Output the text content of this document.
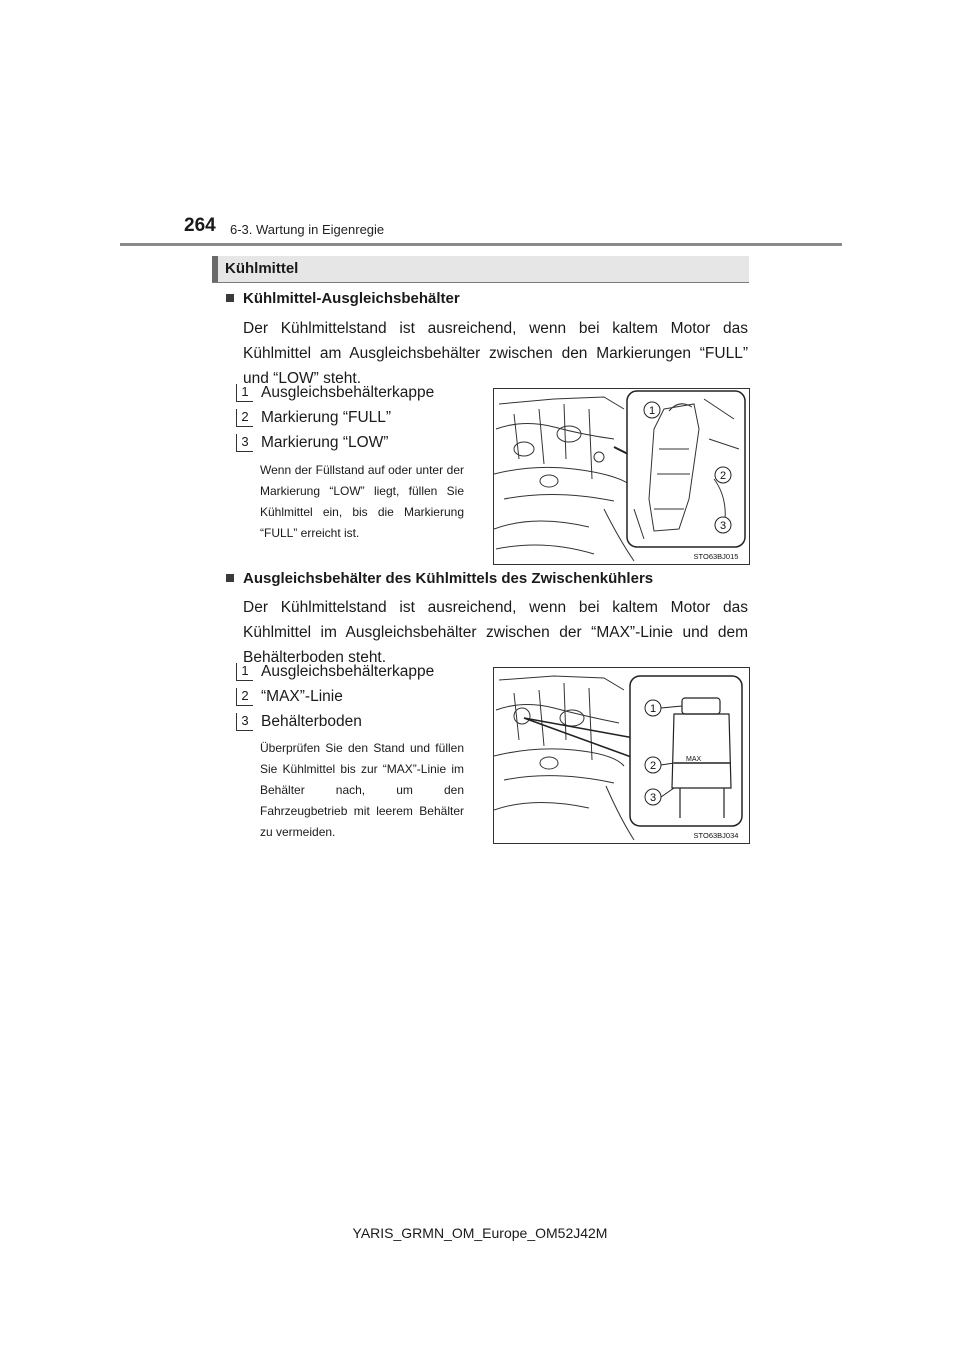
264 6-3. Wartung in Eigenregie
Kühlmittel
Kühlmittel-Ausgleichsbehälter
Der Kühlmittelstand ist ausreichend, wenn bei kaltem Motor das Kühlmittel am Ausgleichsbehälter zwischen den Markierungen “FULL” und “LOW” steht.
1 Ausgleichsbehälterkappe
2 Markierung “FULL”
3 Markierung “LOW”
Wenn der Füllstand auf oder unter der Markierung “LOW” liegt, füllen Sie Kühlmittel ein, bis die Markierung “FULL” erreicht ist.
1
2
3
STO63BJ015
Ausgleichsbehälter des Kühlmittels des Zwischenkühlers
Der Kühlmittelstand ist ausreichend, wenn bei kaltem Motor das Kühlmittel im Ausgleichsbehälter zwischen der “MAX”-Linie und dem Behälterboden steht.
1 Ausgleichsbehälterkappe
2 “MAX”-Linie
3 Behälterboden
Überprüfen Sie den Stand und füllen Sie Kühlmittel bis zur “MAX”-Linie im Behälter nach, um den Fahrzeugbetrieb mit leerem Behälter zu vermeiden.
1
2
3
MAX
STO63BJ034
YARIS_GRMN_OM_Europe_OM52J42M
